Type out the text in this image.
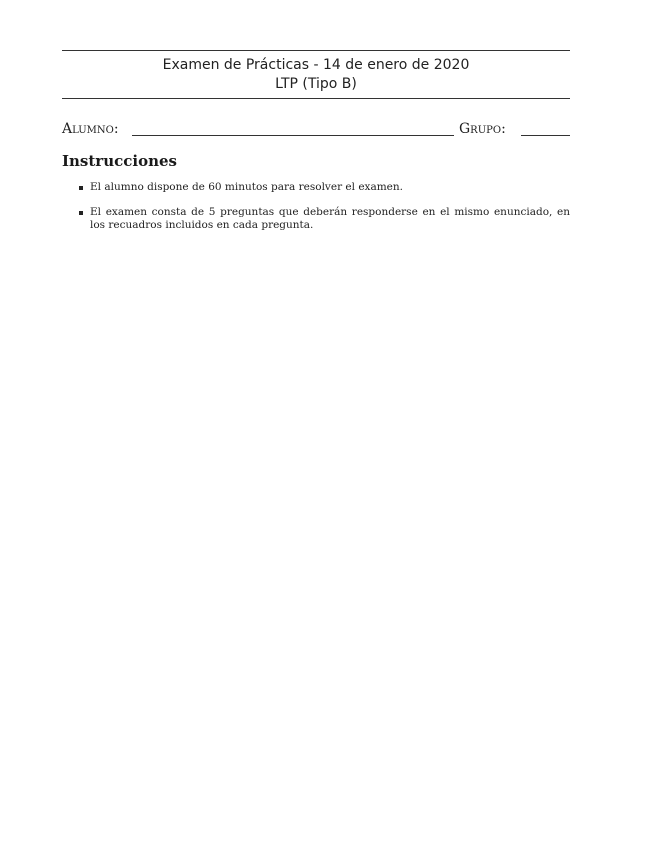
Examen de Prácticas - 14 de enero de 2020
LTP (Tipo B)
Alumno:	Grupo:
Instrucciones
El alumno dispone de 60 minutos para resolver el examen.
El examen consta de 5 preguntas que deberán responderse en el mismo enunciado, en los recuadros incluidos en cada pregunta.
